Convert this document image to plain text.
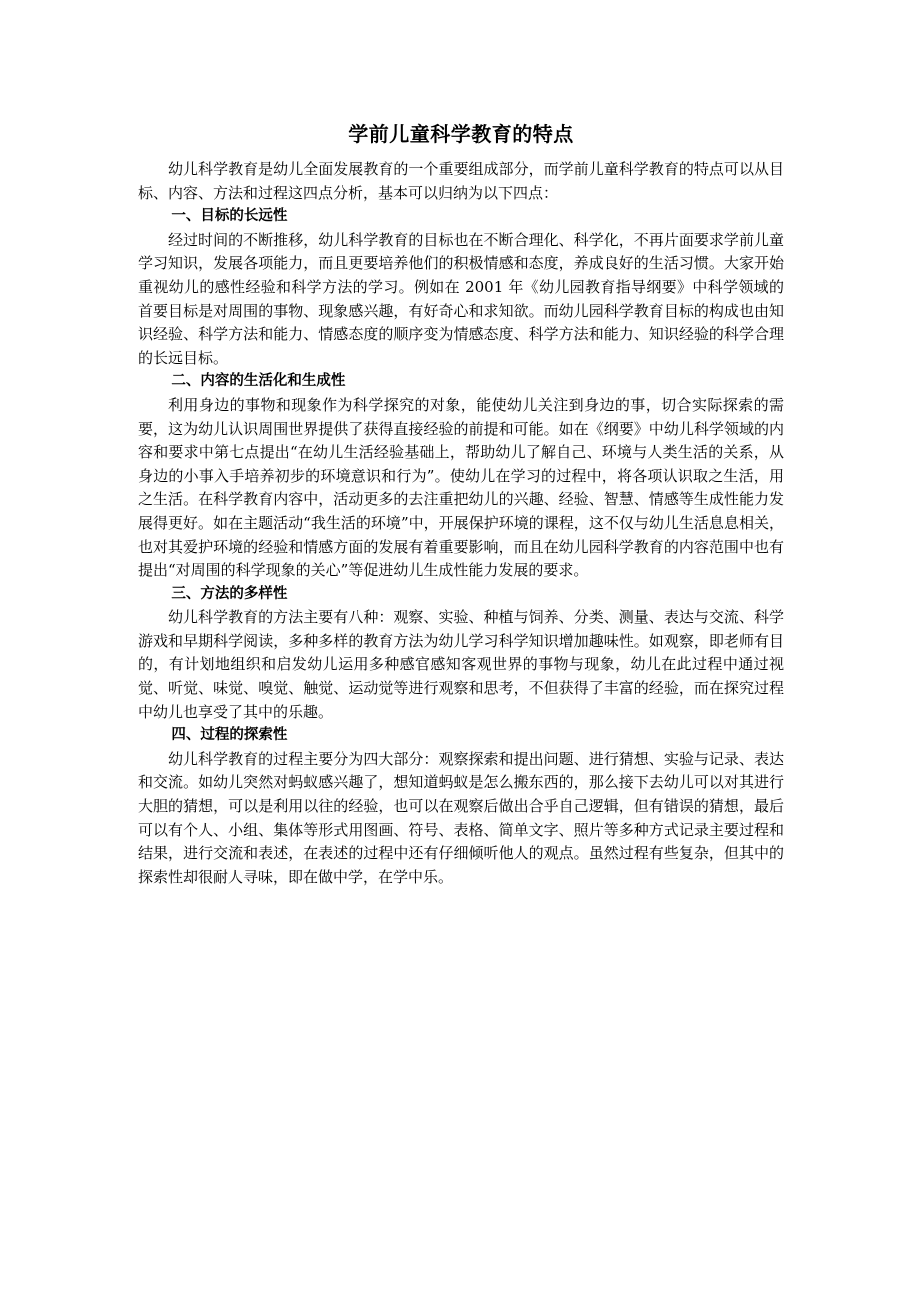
学前儿童科学教育的特点

幼儿科学教育是幼儿全面发展教育的一个重要组成部分，而学前儿童科学教育的特点可以从目标、内容、方法和过程这四点分析，基本可以归纳为以下四点：

一、目标的长远性

经过时间的不断推移，幼儿科学教育的目标也在不断合理化、科学化，不再片面要求学前儿童学习知识，发展各项能力，而且更要培养他们的积极情感和态度，养成良好的生活习惯。大家开始重视幼儿的感性经验和科学方法的学习。例如在 2001 年《幼儿园教育指导纲要》中科学领域的首要目标是对周围的事物、现象感兴趣，有好奇心和求知欲。而幼儿园科学教育目标的构成也由知识经验、科学方法和能力、情感态度的顺序变为情感态度、科学方法和能力、知识经验的科学合理的长远目标。

二、内容的生活化和生成性

利用身边的事物和现象作为科学探究的对象，能使幼儿关注到身边的事，切合实际探索的需要，这为幼儿认识周围世界提供了获得直接经验的前提和可能。如在《纲要》中幼儿科学领域的内容和要求中第七点提出“在幼儿生活经验基础上，帮助幼儿了解自己、环境与人类生活的关系，从身边的小事入手培养初步的环境意识和行为”。使幼儿在学习的过程中，将各项认识取之生活，用之生活。在科学教育内容中，活动更多的去注重把幼儿的兴趣、经验、智慧、情感等生成性能力发展得更好。如在主题活动“我生活的环境”中，开展保护环境的课程，这不仅与幼儿生活息息相关，也对其爱护环境的经验和情感方面的发展有着重要影响，而且在幼儿园科学教育的内容范围中也有提出“对周围的科学现象的关心”等促进幼儿生成性能力发展的要求。

三、方法的多样性

幼儿科学教育的方法主要有八种：观察、实验、种植与饲养、分类、测量、表达与交流、科学游戏和早期科学阅读，多种多样的教育方法为幼儿学习科学知识增加趣味性。如观察，即老师有目的，有计划地组织和启发幼儿运用多种感官感知客观世界的事物与现象，幼儿在此过程中通过视觉、听觉、味觉、嗅觉、触觉、运动觉等进行观察和思考，不但获得了丰富的经验，而在探究过程中幼儿也享受了其中的乐趣。

四、过程的探索性

幼儿科学教育的过程主要分为四大部分：观察探索和提出问题、进行猜想、实验与记录、表达和交流。如幼儿突然对蚂蚁感兴趣了，想知道蚂蚁是怎么搬东西的，那么接下去幼儿可以对其进行大胆的猜想，可以是利用以往的经验，也可以在观察后做出合乎自己逻辑，但有错误的猜想，最后可以有个人、小组、集体等形式用图画、符号、表格、简单文字、照片等多种方式记录主要过程和结果，进行交流和表述，在表述的过程中还有仔细倾听他人的观点。虽然过程有些复杂，但其中的探索性却很耐人寻味，即在做中学，在学中乐。
